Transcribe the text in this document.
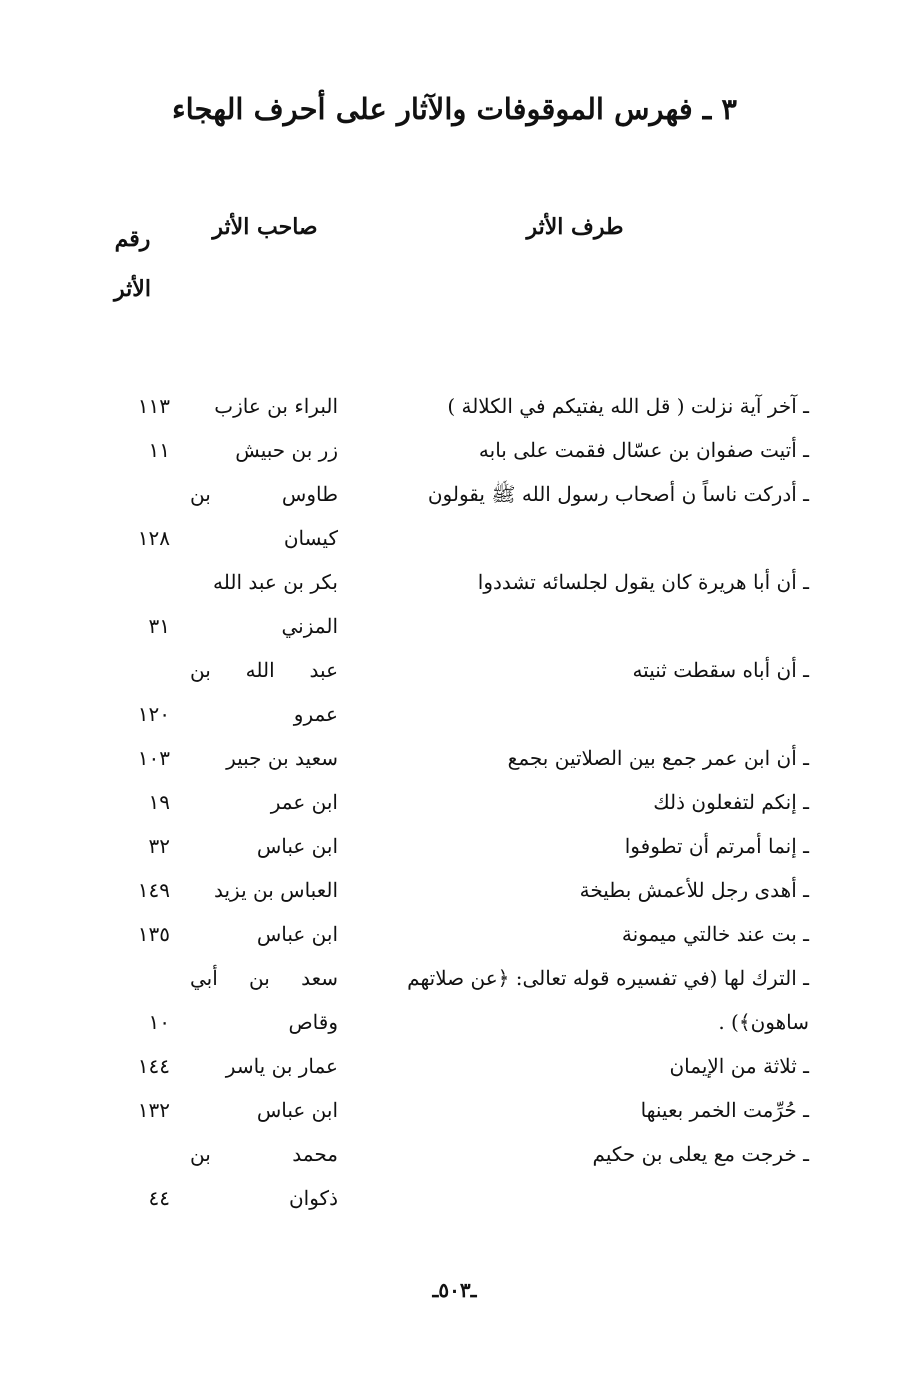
٣ ـ فهرس الموقوفات والآثار على أحرف الهجاء
طرف الأثر
صاحب الأثر
رقم
الأثر
ـ آخر آية نزلت ( قل الله يفتيكم في الكلالة )
البراء بن عازب
١١٣
ـ أتيت صفوان بن عسّال فقمت على بابه
زر بن حبيش
١١
ـ أدركت ناساً ن أصحاب رسول الله ﷺ يقولون
طاوس بن
كيسان
١٢٨
ـ أن أبا هريرة كان يقول لجلسائه تشددوا
بكر بن عبد الله
المزني
٣١
ـ أن أباه سقطت ثنيته
عبد الله بن
عمرو
١٢٠
ـ أن ابن عمر جمع بين الصلاتين بجمع
سعيد بن جبير
١٠٣
ـ إنكم لتفعلون ذلك
ابن عمر
١٩
ـ إنما أمرتم أن تطوفوا
ابن عباس
٣٢
ـ أهدى رجل للأعمش بطيخة
العباس بن يزيد
١٤٩
ـ بت عند خالتي ميمونة
ابن عباس
١٣٥
ـ الترك لها (في تفسيره قوله تعالى: ﴿عن صلاتهم
سعد بن أبي
ساهون﴾) .
وقاص
١٠
ـ ثلاثة من الإيمان
عمار بن ياسر
١٤٤
ـ حُرِّمت الخمر بعينها
ابن عباس
١٣٢
ـ خرجت مع يعلى بن حكيم
محمد بن
ذكوان
٤٤
ـ٥٠٣ـ
